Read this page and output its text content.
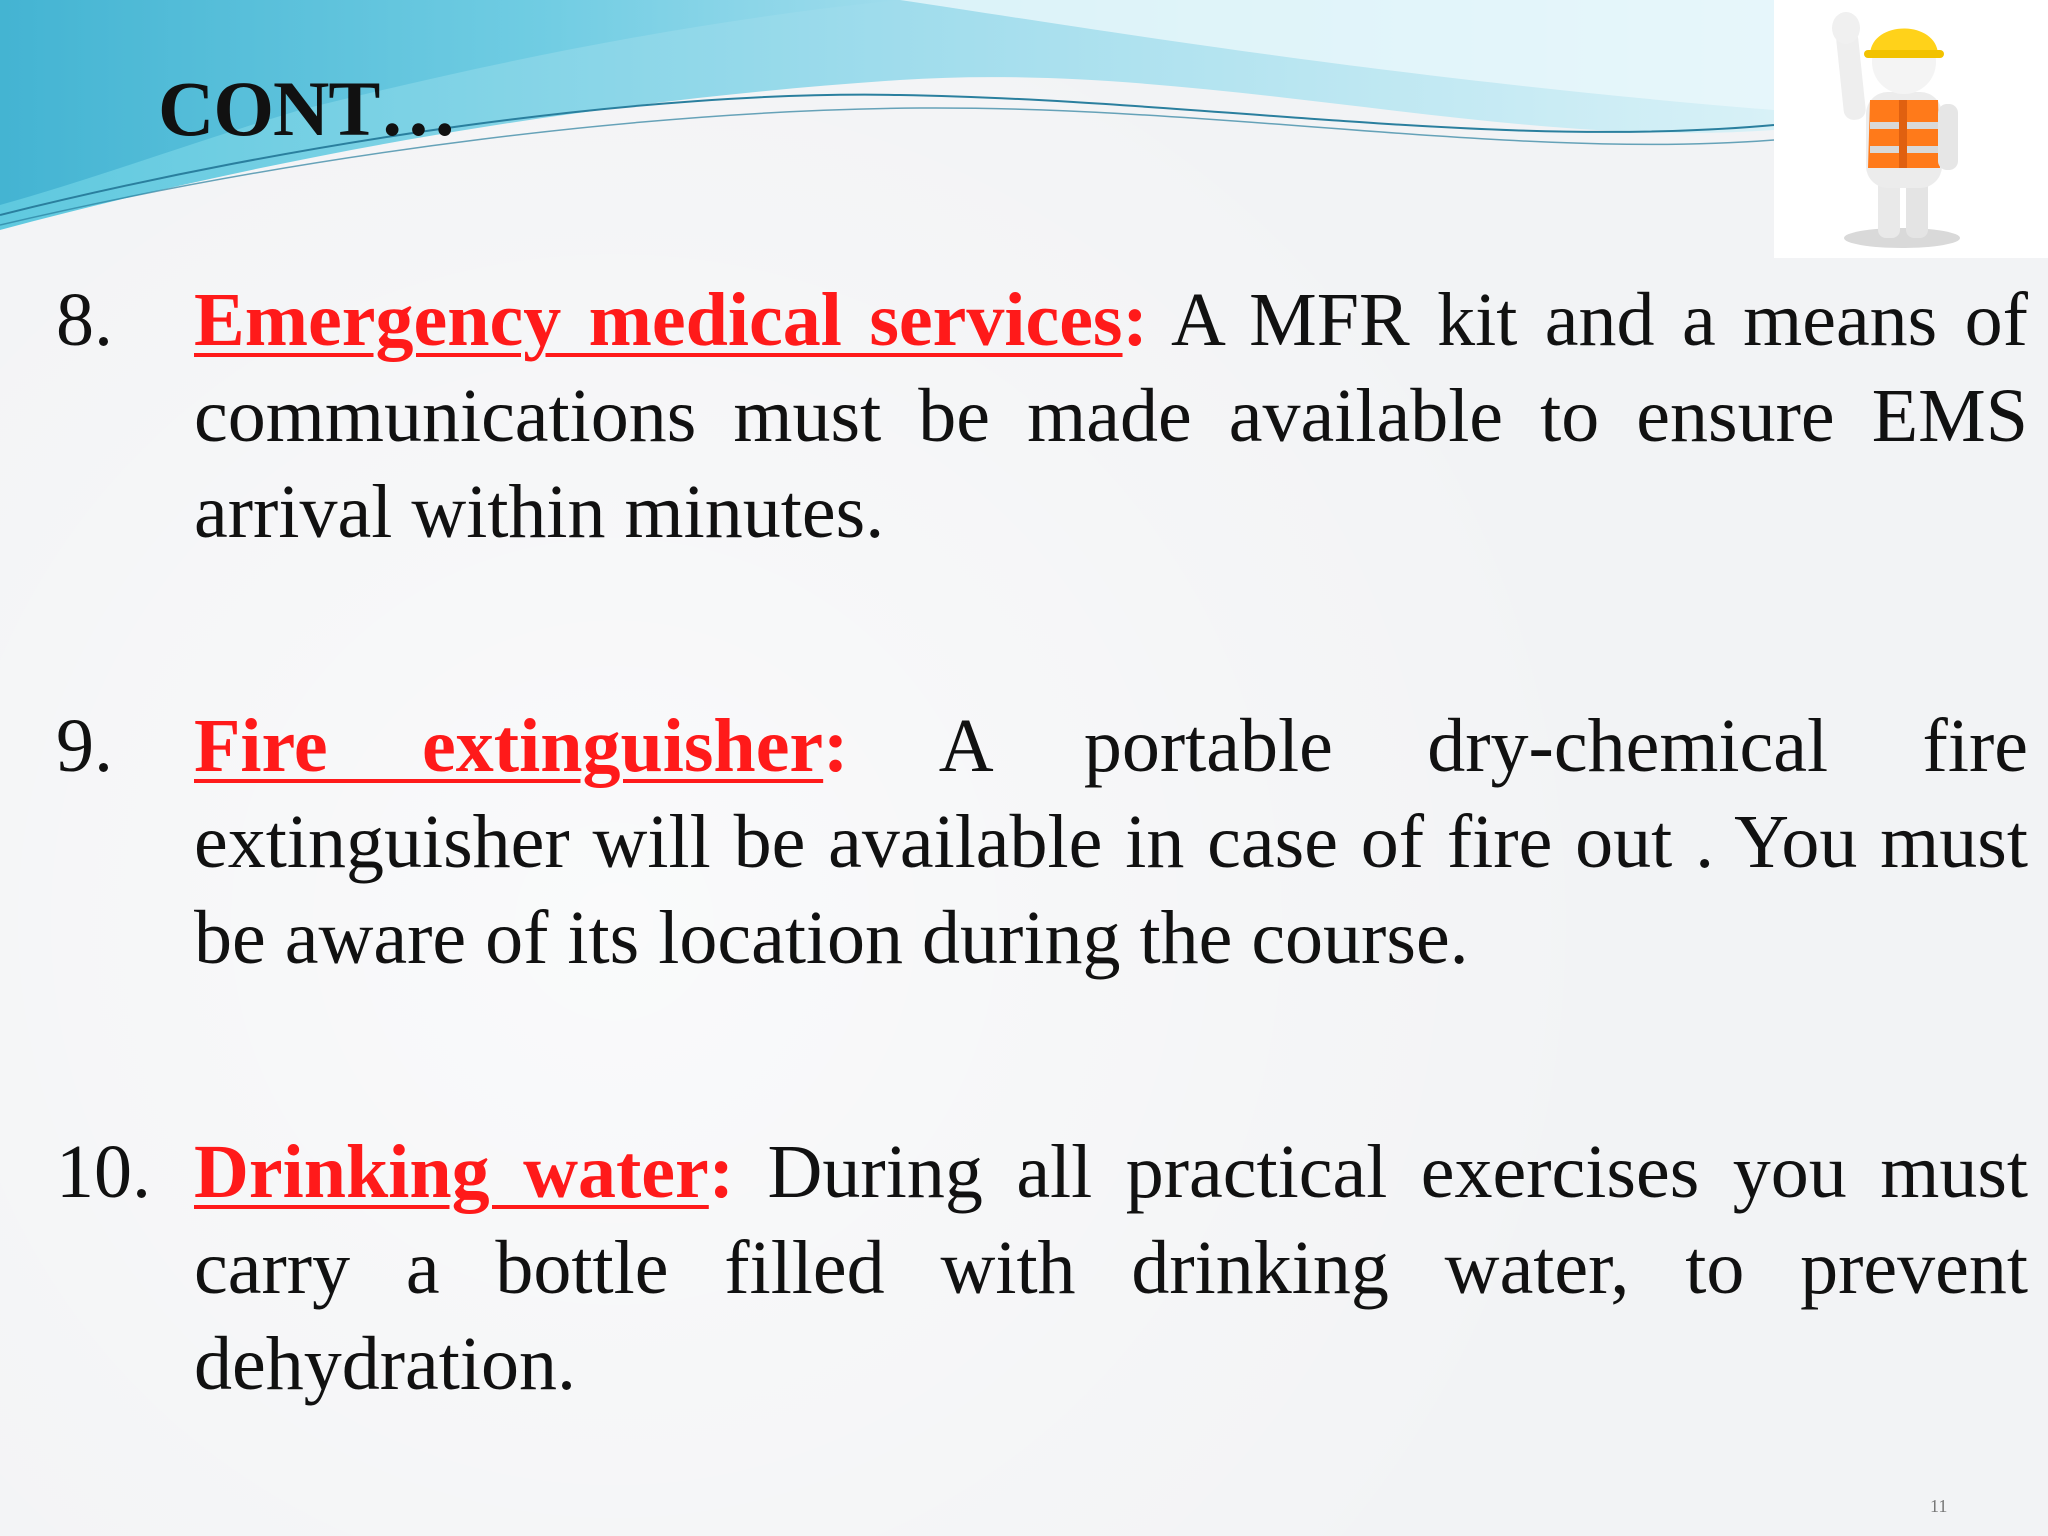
CONT…
8. Emergency medical services: A MFR kit and a means of communications must be made available to ensure EMS arrival within minutes.
9. Fire extinguisher: A portable dry-chemical fire extinguisher will be available in case of fire out . You must be aware of its location during the course.
10. Drinking water: During all practical exercises you must carry a bottle filled with drinking water, to prevent dehydration.
11
